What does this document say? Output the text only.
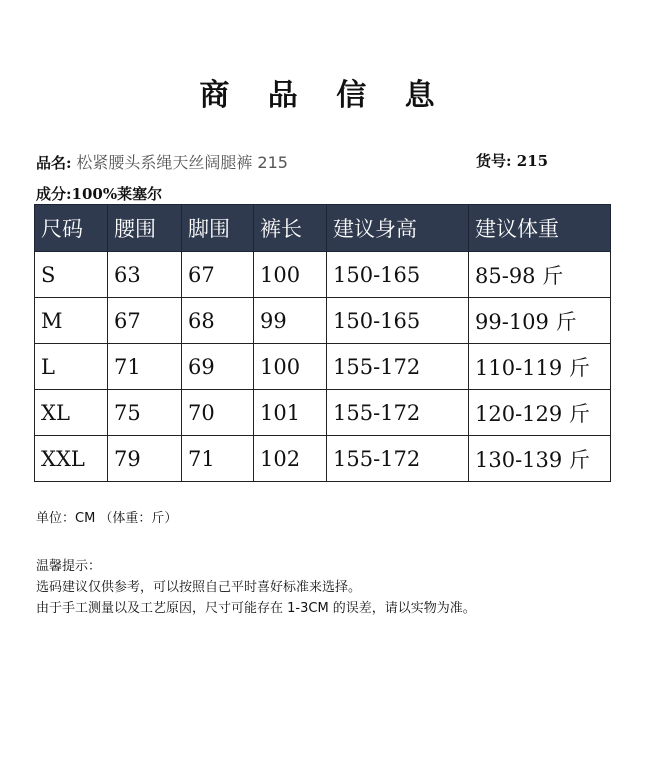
商 品 信 息
品名: 松紧腰头系绳天丝阔腿裤 215	货号: 215
成分:100%莱塞尔
尺码	腰围	脚围	裤长	建议身高	建议体重
S	63	67	100	150-165	85-98 斤
M	67	68	99	150-165	99-109 斤
L	71	69	100	155-172	110-119 斤
XL	75	70	101	155-172	120-129 斤
XXL	79	71	102	155-172	130-139 斤
单位：CM （体重：斤）
温馨提示：
选码建议仅供参考，可以按照自己平时喜好标准来选择。
由于手工测量以及工艺原因，尺寸可能存在 1-3CM 的误差，请以实物为准。
